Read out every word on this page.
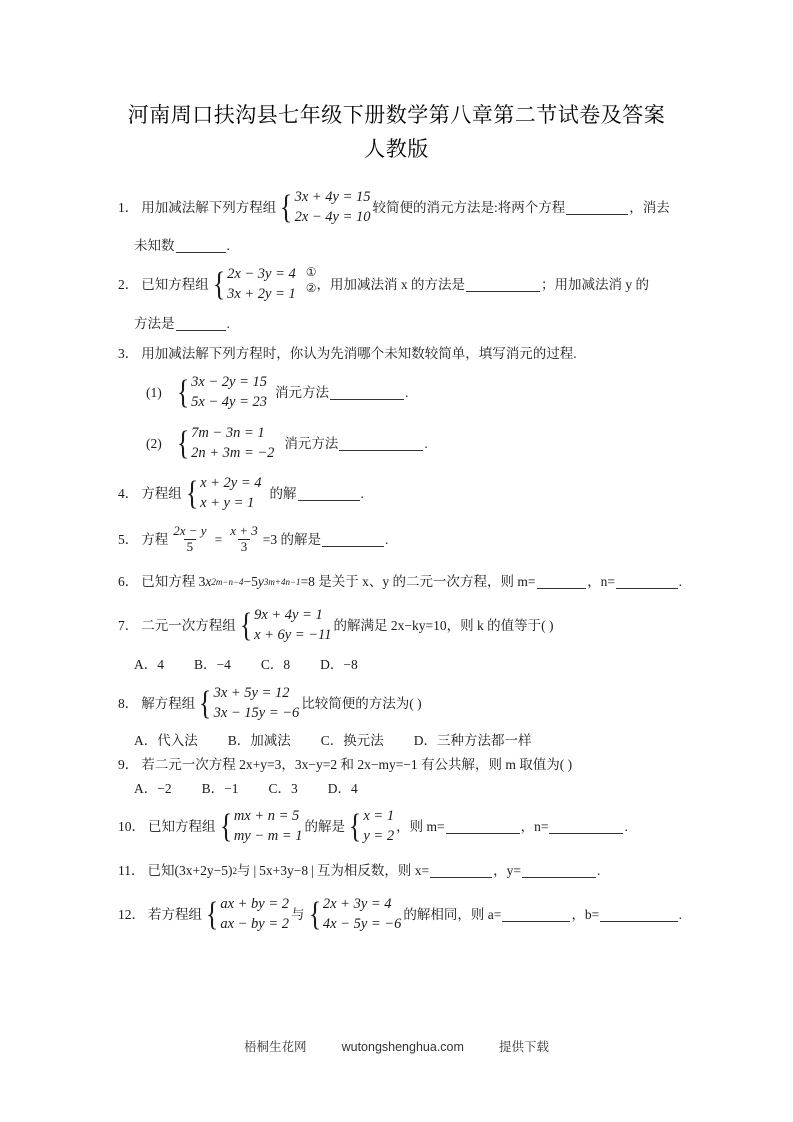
河南周口扶沟县七年级下册数学第八章第二节试卷及答案
人教版
1． 用加减法解下列方程组 { 3x + 4y = 15
2x − 4y = 10
较简便的消元方法是:将两个方程	，消去
未知数	.
2． 已知方程组 { 2x − 3y = 4
3x + 2y = 1
①
② ，用加减法消 x 的方法是	；用加减法消 y 的
方法是	.
3． 用加减法解下列方程时，你认为先消哪个未知数较简单，填写消元的过程.
(1) { 3x − 2y = 15
5x − 4y = 23
消元方法	.
(2) { 7m − 3n = 1
2n + 3m = −2
消元方法	.
4． 方程组 { x + 2y = 4
x + y = 1
的解	.
5． 方程 $\frac{2x - y}{5} = \frac{x + 3}{3} =3$ 的解是	.
6． 已知方程 3 x 2m−n−4 −5 y 3m+4n−1 =8 是关于 x、y 的二元一次方程，则 m=	，n=	.
7． 二元一次方程组 { 9x + 4y = 1
x + 6y = −11
的解满足 2x−ky=10，则 k 的值等于( )
A．4 B．−4 C．8 D．−8
8． 解方程组 { 3x + 5y = 12
3x − 15y = −6
比较简便的方法为( )
A．代入法 B．加减法 C．换元法 D．三种方法都一样
9． 若二元一次方程 2x+y=3，3x−y=2 和 2x−my=−1 有公共解，则 m 取值为( )
A．−2 B．−1 C．3 D．4
10． 已知方程组 { mx + n = 5
my − m = 1
的解是 { x = 1
y = 2
，则 m=	，n=	.
11． 已知(3x+2y−5) 2 与 | 5x+3y−8 | 互为相反数，则 x=	，y=	.
12． 若方程组 { ax + by = 2
ax − by = 2
与 { 2x + 3y = 4
4x − 5y = −6
的解相同，则 a=	，b=	.
梧桐生花网	wutongshenghua.com	提供下载
